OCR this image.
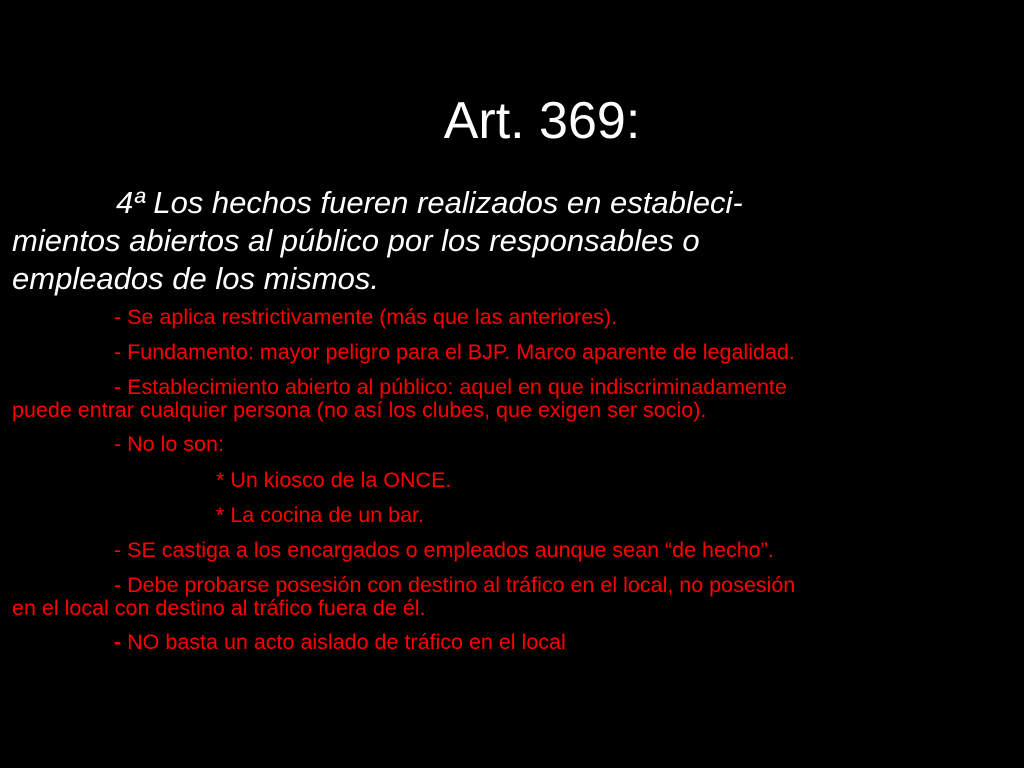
Art. 369:
4ª Los hechos fueren realizados en estableci-
mientos abiertos al público por los responsables o
empleados de los mismos.
- Se aplica restrictivamente (más que las anteriores).
- Fundamento: mayor peligro para el BJP. Marco aparente de legalidad.
- Establecimiento abierto al público: aquel en que indiscriminadamente
puede entrar cualquier persona (no así los clubes, que exigen ser socio).
- No lo son:
* Un kiosco de la ONCE.
* La cocina de un bar.
- SE castiga a los encargados o empleados aunque sean “de hecho”.
- Debe probarse posesión con destino al tráfico en el local, no posesión
en el local con destino al tráfico fuera de él.
- NO basta un acto aislado de tráfico en el local
